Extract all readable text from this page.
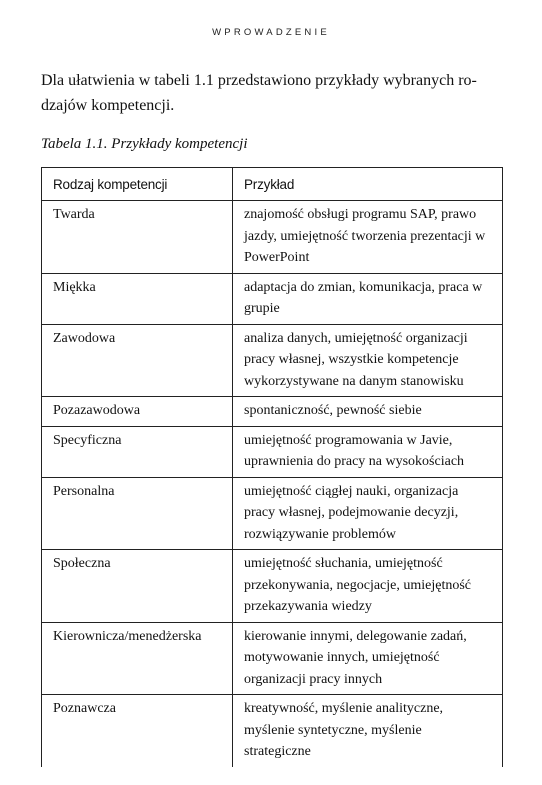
WPROWADZENIE

Dla ułatwienia w tabeli 1.1 przedstawiono przykłady wybranych ro-dzajów kompetencji.

Tabela 1.1. Przykłady kompetencji

Rodzaj kompetencji	Przykład
Twarda	znajomość obsługi programu SAP, prawo jazdy, umiejętność tworzenia prezentacji w PowerPoint
Miękka	adaptacja do zmian, komunikacja, praca w grupie
Zawodowa	analiza danych, umiejętność organizacji pracy własnej, wszystkie kompetencje wykorzystywane na danym stanowisku
Pozazawodowa	spontaniczność, pewność siebie
Specyficzna	umiejętność programowania w Javie, uprawnienia do pracy na wysokościach
Personalna	umiejętność ciągłej nauki, organizacja pracy własnej, podejmowanie decyzji, rozwiązywanie problemów
Społeczna	umiejętność słuchania, umiejętność przekonywania, negocjacje, umiejętność przekazywania wiedzy
Kierownicza/menedżerska	kierowanie innymi, delegowanie zadań, motywowanie innych, umiejętność organizacji pracy innych
Poznawcza	kreatywność, myślenie analityczne, myślenie syntetyczne, myślenie strategiczne
